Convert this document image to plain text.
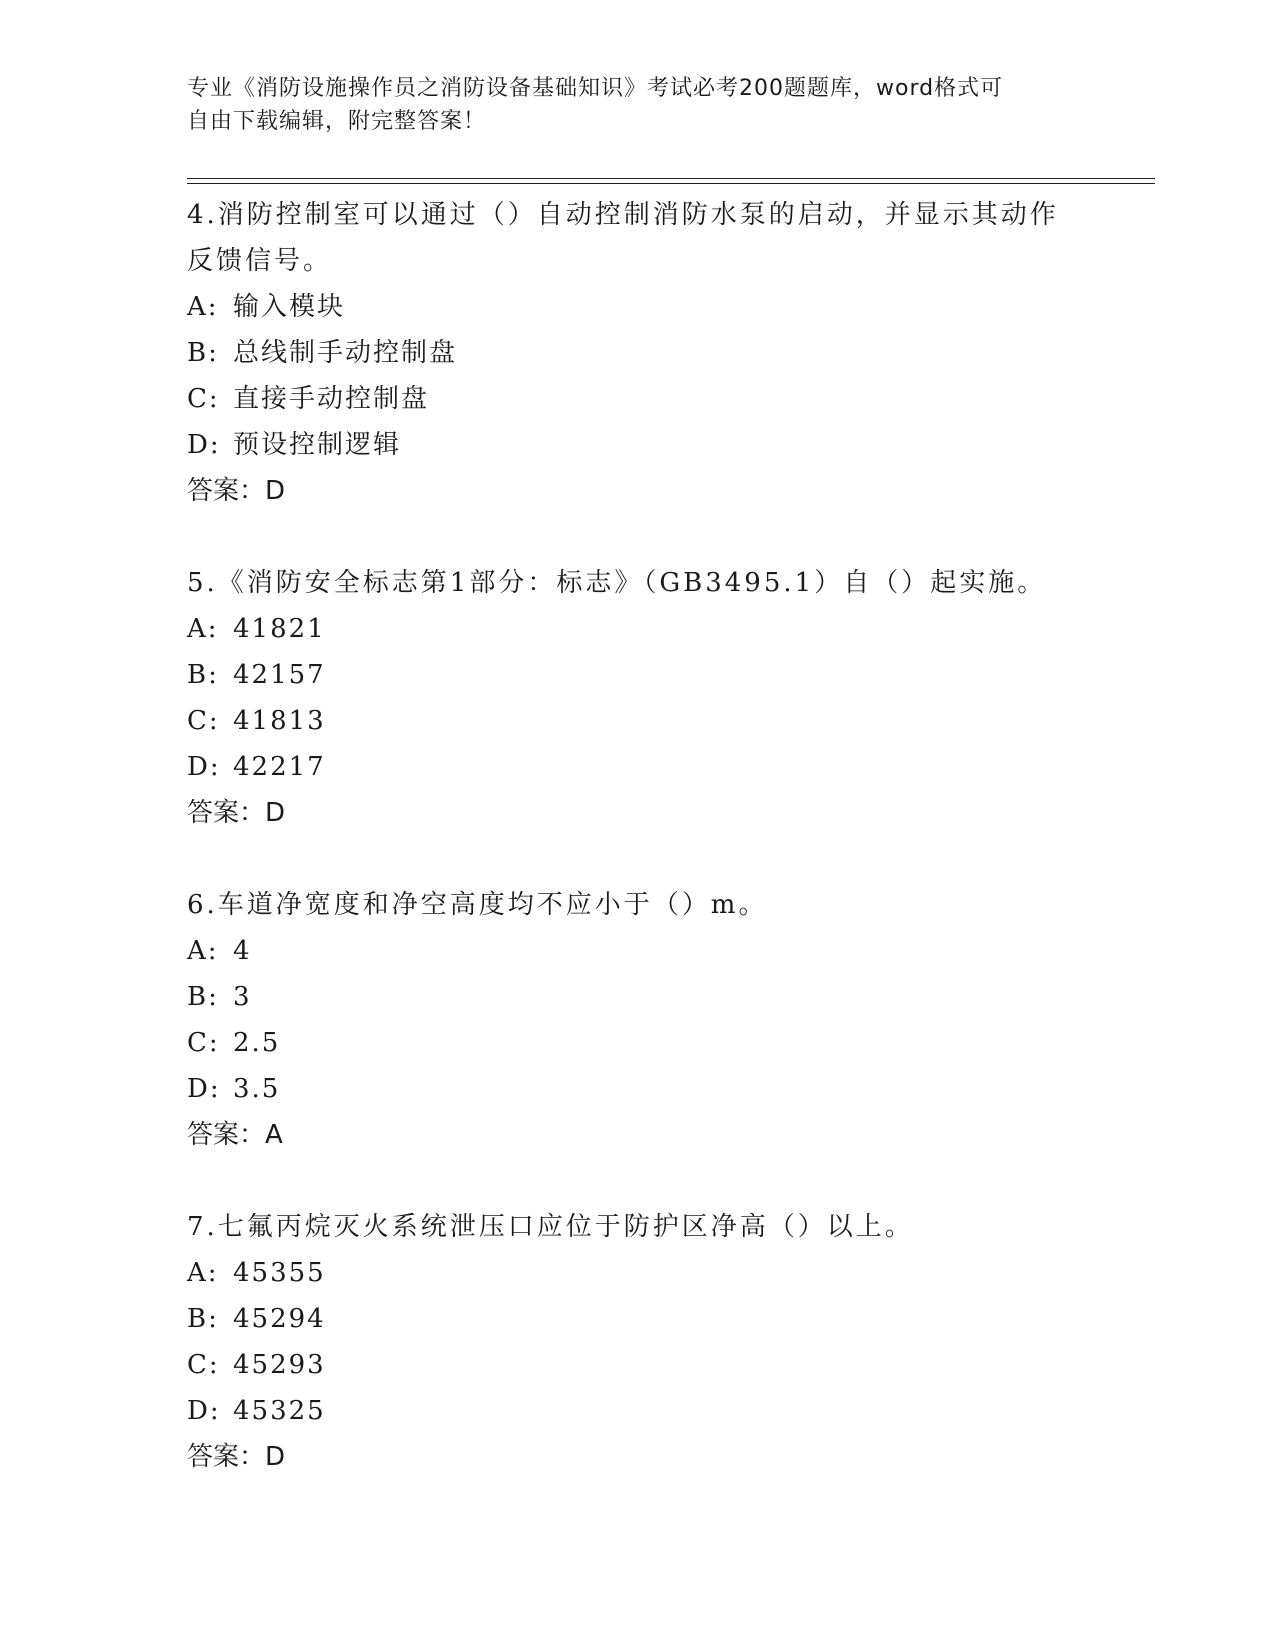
专业《消防设施操作员之消防设备基础知识》考试必考200题题库，word格式可
自由下载编辑，附完整答案！
4.消防控制室可以通过（）自动控制消防水泵的启动，并显示其动作
反馈信号。
A: 输入模块
B: 总线制手动控制盘
C: 直接手动控制盘
D: 预设控制逻辑
答案：D
5.《消防安全标志第1部分：标志》（GB3495.1）自（）起实施。
A: 41821
B: 42157
C: 41813
D: 42217
答案：D
6.车道净宽度和净空高度均不应小于（）m。
A: 4
B: 3
C: 2.5
D: 3.5
答案：A
7.七氟丙烷灭火系统泄压口应位于防护区净高（）以上。
A: 45355
B: 45294
C: 45293
D: 45325
答案：D
